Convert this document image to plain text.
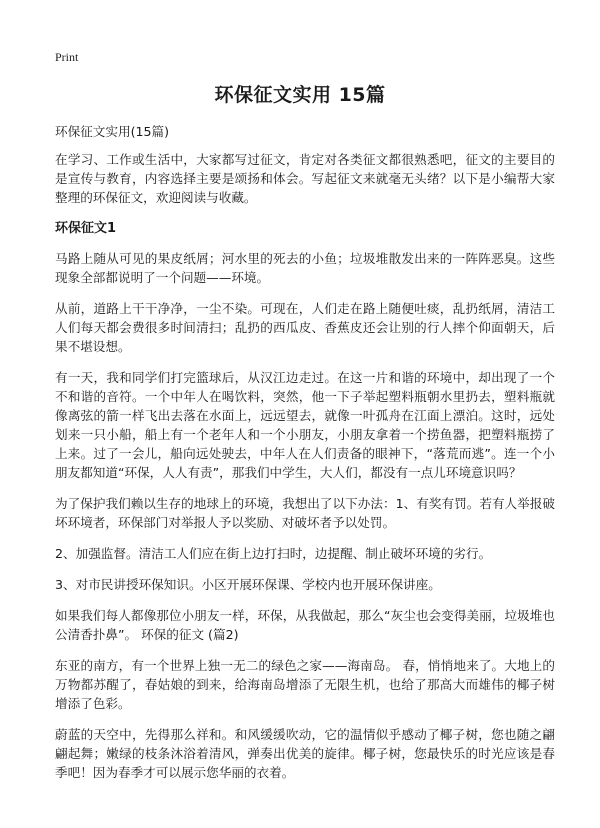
Print
环保征文实用 15篇

环保征文实用(15篇)

在学习、工作或生活中，大家都写过征文，肯定对各类征文都很熟悉吧，征文的主要目的是宣传与教育，内容选择主要是颂扬和体会。写起征文来就毫无头绪？以下是小编帮大家整理的环保征文，欢迎阅读与收藏。

环保征文1

马路上随从可见的果皮纸屑；河水里的死去的小鱼；垃圾堆散发出来的一阵阵恶臭。这些现象全部都说明了一个问题——环境。

从前，道路上干干净净，一尘不染。可现在，人们走在路上随便吐痰，乱扔纸屑，清洁工人们每天都会费很多时间清扫；乱扔的西瓜皮、香蕉皮还会让别的行人摔个仰面朝天，后果不堪设想。

有一天，我和同学们打完篮球后，从汉江边走过。在这一片和谐的环境中，却出现了一个不和谐的音符。一个中年人在喝饮料，突然，他一下子举起塑料瓶朝水里扔去，塑料瓶就像离弦的箭一样飞出去落在水面上，远远望去，就像一叶孤舟在江面上漂泊。这时，远处划来一只小船，船上有一个老年人和一个小朋友，小朋友拿着一个捞鱼器，把塑料瓶捞了上来。过了一会儿，船向远处驶去，中年人在人们责备的眼神下，“落荒而逃”。连一个小朋友都知道“环保，人人有责”，那我们中学生，大人们，都没有一点儿环境意识吗？

为了保护我们赖以生存的地球上的环境，我想出了以下办法：1、有奖有罚。若有人举报破坏环境者，环保部门对举报人予以奖励、对破坏者予以处罚。

2、加强监督。清洁工人们应在街上边打扫时，边提醒、制止破坏环境的劣行。

3、对市民讲授环保知识。小区开展环保课、学校内也开展环保讲座。

如果我们每人都像那位小朋友一样，环保，从我做起，那么“灰尘也会变得美丽，垃圾堆也公清香扑鼻”。 环保的征文 (篇2)

东亚的南方，有一个世界上独一无二的绿色之家——海南岛。 春，悄悄地来了。大地上的万物都苏醒了，春姑娘的到来，给海南岛增添了无限生机，也给了那高大而雄伟的椰子树增添了色彩。

蔚蓝的天空中，先得那么祥和。和风缓缓吹动，它的温情似乎感动了椰子树，您也随之翩翩起舞；嫩绿的枝条沐浴着清风，弹奏出优美的旋律。椰子树，您最快乐的时光应该是春季吧！因为春季才可以展示您华丽的衣着。
